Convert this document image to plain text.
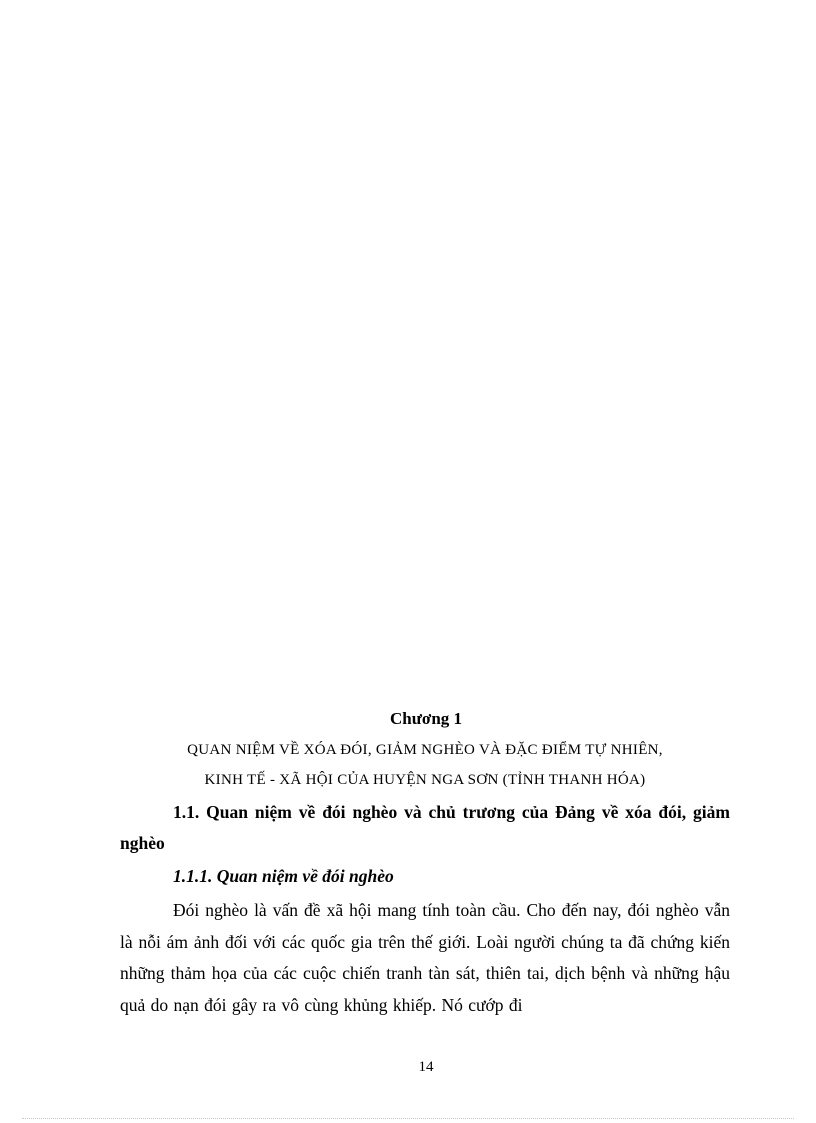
Chương 1
QUAN NIỆM VỀ XÓA ĐÓI, GIẢM NGHÈO VÀ ĐẶC ĐIỂM TỰ NHIÊN,
KINH TẾ - XÃ HỘI CỦA HUYỆN NGA SƠN (TỈNH THANH HÓA)
1.1. Quan niệm về đói nghèo và chủ trương của Đảng về xóa đói, giảm nghèo
1.1.1. Quan niệm về đói nghèo
Đói nghèo là vấn đề xã hội mang tính toàn cầu. Cho đến nay, đói nghèo vẫn là nỗi ám ảnh đối với các quốc gia trên thế giới. Loài người chúng ta đã chứng kiến những thảm họa của các cuộc chiến tranh tàn sát, thiên tai, dịch bệnh và những hậu quả do nạn đói gây ra vô cùng khủng khiếp. Nó cướp đi
14
